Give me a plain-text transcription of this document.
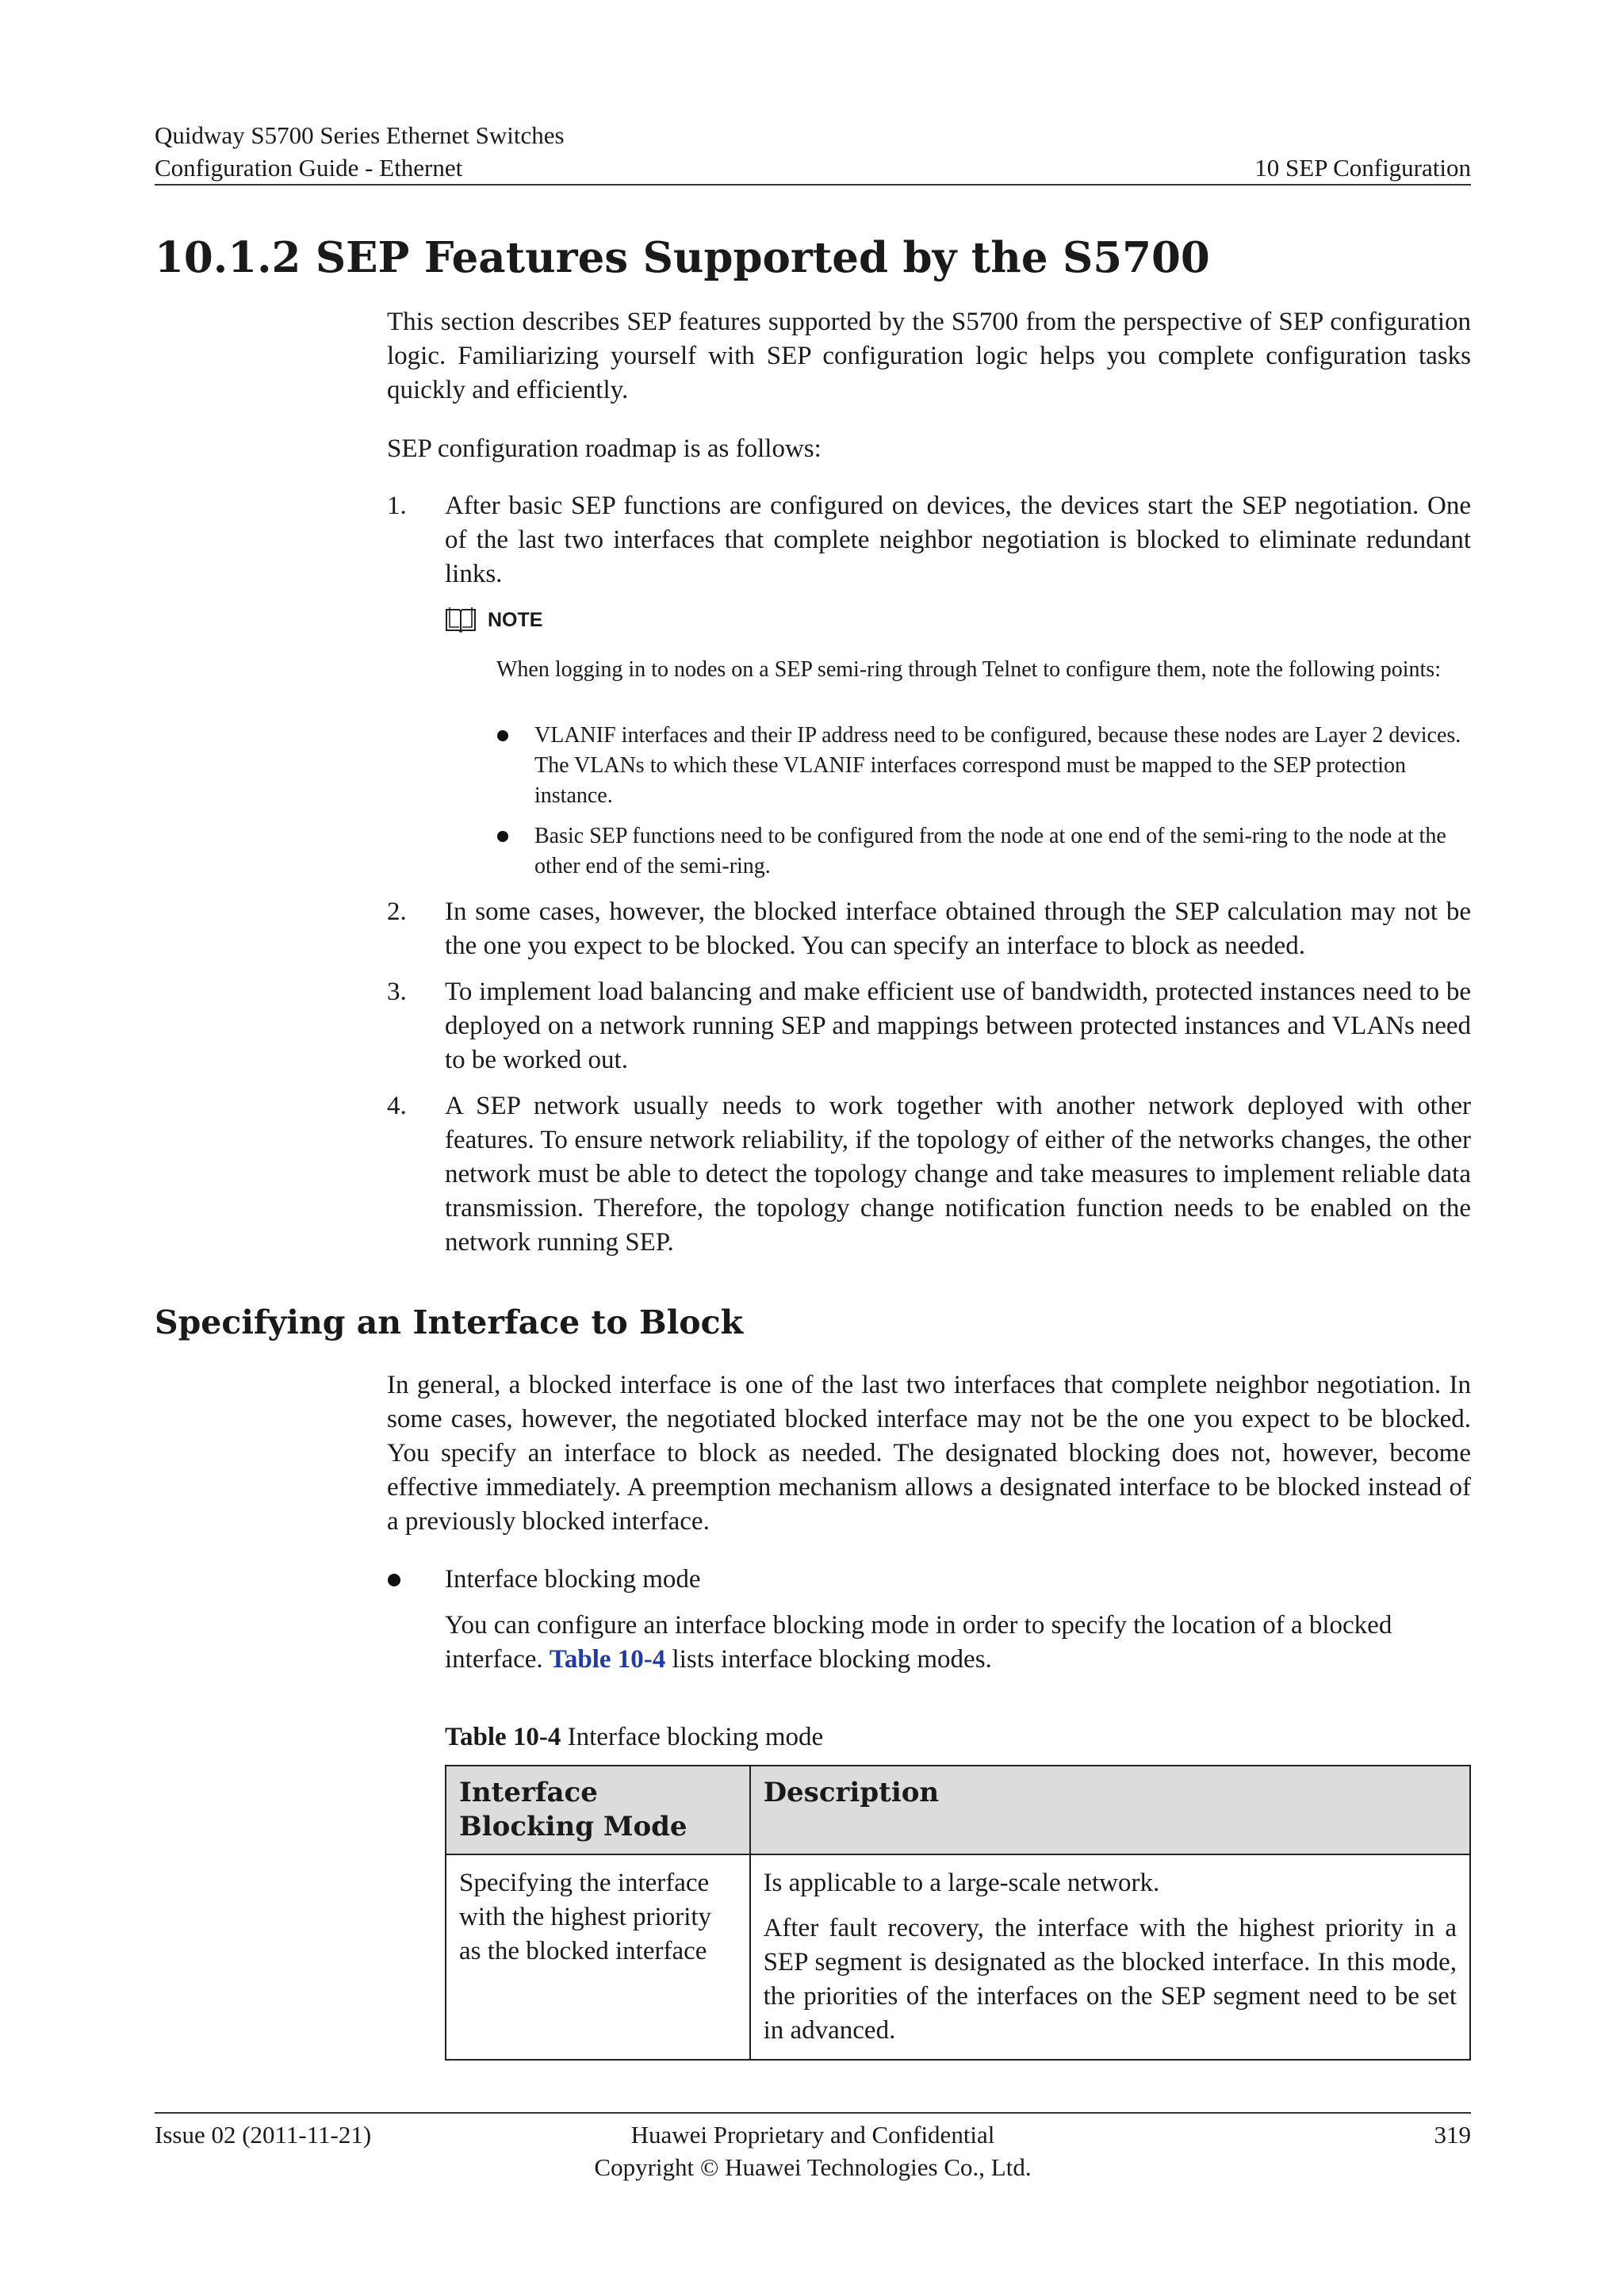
Quidway S5700 Series Ethernet Switches
Configuration Guide - Ethernet	10 SEP Configuration
10.1.2 SEP Features Supported by the S5700

This section describes SEP features supported by the S5700 from the perspective of SEP configuration logic. Familiarizing yourself with SEP configuration logic helps you complete configuration tasks quickly and efficiently.

SEP configuration roadmap is as follows:

1. After basic SEP functions are configured on devices, the devices start the SEP negotiation. One of the last two interfaces that complete neighbor negotiation is blocked to eliminate redundant links.

NOTE

When logging in to nodes on a SEP semi-ring through Telnet to configure them, note the following points:

VLANIF interfaces and their IP address need to be configured, because these nodes are Layer 2 devices. The VLANs to which these VLANIF interfaces correspond must be mapped to the SEP protection instance.

Basic SEP functions need to be configured from the node at one end of the semi-ring to the node at the other end of the semi-ring.

2. In some cases, however, the blocked interface obtained through the SEP calculation may not be the one you expect to be blocked. You can specify an interface to block as needed.

3. To implement load balancing and make efficient use of bandwidth, protected instances need to be deployed on a network running SEP and mappings between protected instances and VLANs need to be worked out.

4. A SEP network usually needs to work together with another network deployed with other features. To ensure network reliability, if the topology of either of the networks changes, the other network must be able to detect the topology change and take measures to implement reliable data transmission. Therefore, the topology change notification function needs to be enabled on the network running SEP.

Specifying an Interface to Block

In general, a blocked interface is one of the last two interfaces that complete neighbor negotiation. In some cases, however, the negotiated blocked interface may not be the one you expect to be blocked. You specify an interface to block as needed. The designated blocking does not, however, become effective immediately. A preemption mechanism allows a designated interface to be blocked instead of a previously blocked interface.

Interface blocking mode

You can configure an interface blocking mode in order to specify the location of a blocked interface. Table 10-4 lists interface blocking modes.

Table 10-4 Interface blocking mode

Interface Blocking Mode	Description
Specifying the interface with the highest priority as the blocked interface	Is applicable to a large-scale network.

After fault recovery, the interface with the highest priority in a SEP segment is designated as the blocked interface. In this mode, the priorities of the interfaces on the SEP segment need to be set in advanced.

Issue 02 (2011-11-21)	Huawei Proprietary and Confidential
Copyright © Huawei Technologies Co., Ltd.
319
